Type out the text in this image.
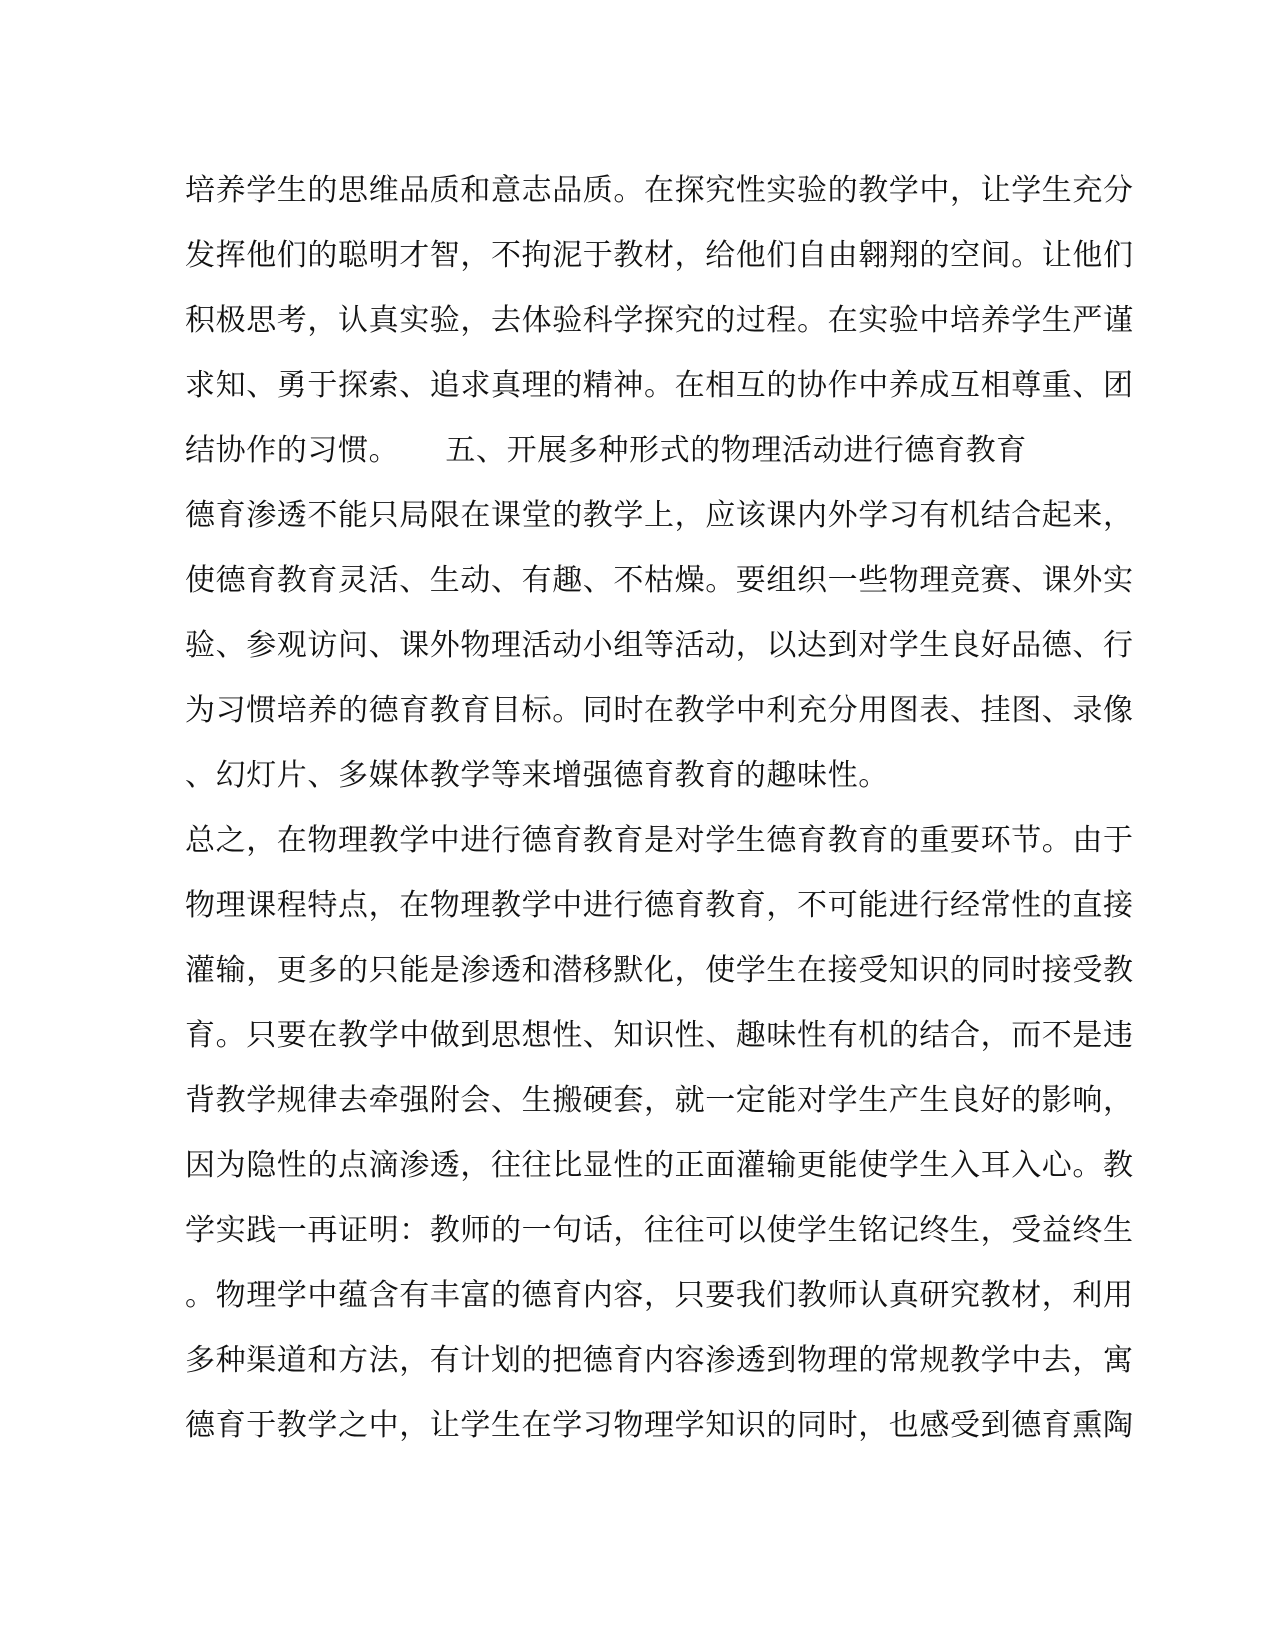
培养学生的思维品质和意志品质。在探究性实验的教学中，让学生充分
发挥他们的聪明才智，不拘泥于教材，给他们自由翱翔的空间。让他们
积极思考，认真实验，去体验科学探究的过程。在实验中培养学生严谨
求知、勇于探索、追求真理的精神。在相互的协作中养成互相尊重、团
结协作的习惯。　　五、开展多种形式的物理活动进行德育教育
德育渗透不能只局限在课堂的教学上，应该课内外学习有机结合起来，
使德育教育灵活、生动、有趣、不枯燥。要组织一些物理竞赛、课外实
验、参观访问、课外物理活动小组等活动，以达到对学生良好品德、行
为习惯培养的德育教育目标。同时在教学中利充分用图表、挂图、录像
、幻灯片、多媒体教学等来增强德育教育的趣味性。
总之，在物理教学中进行德育教育是对学生德育教育的重要环节。由于
物理课程特点，在物理教学中进行德育教育，不可能进行经常性的直接
灌输，更多的只能是渗透和潜移默化，使学生在接受知识的同时接受教
育。只要在教学中做到思想性、知识性、趣味性有机的结合，而不是违
背教学规律去牵强附会、生搬硬套，就一定能对学生产生良好的影响，
因为隐性的点滴渗透，往往比显性的正面灌输更能使学生入耳入心。教
学实践一再证明：教师的一句话，往往可以使学生铭记终生，受益终生
。物理学中蕴含有丰富的德育内容，只要我们教师认真研究教材，利用
多种渠道和方法，有计划的把德育内容渗透到物理的常规教学中去，寓
德育于教学之中，让学生在学习物理学知识的同时，也感受到德育熏陶
